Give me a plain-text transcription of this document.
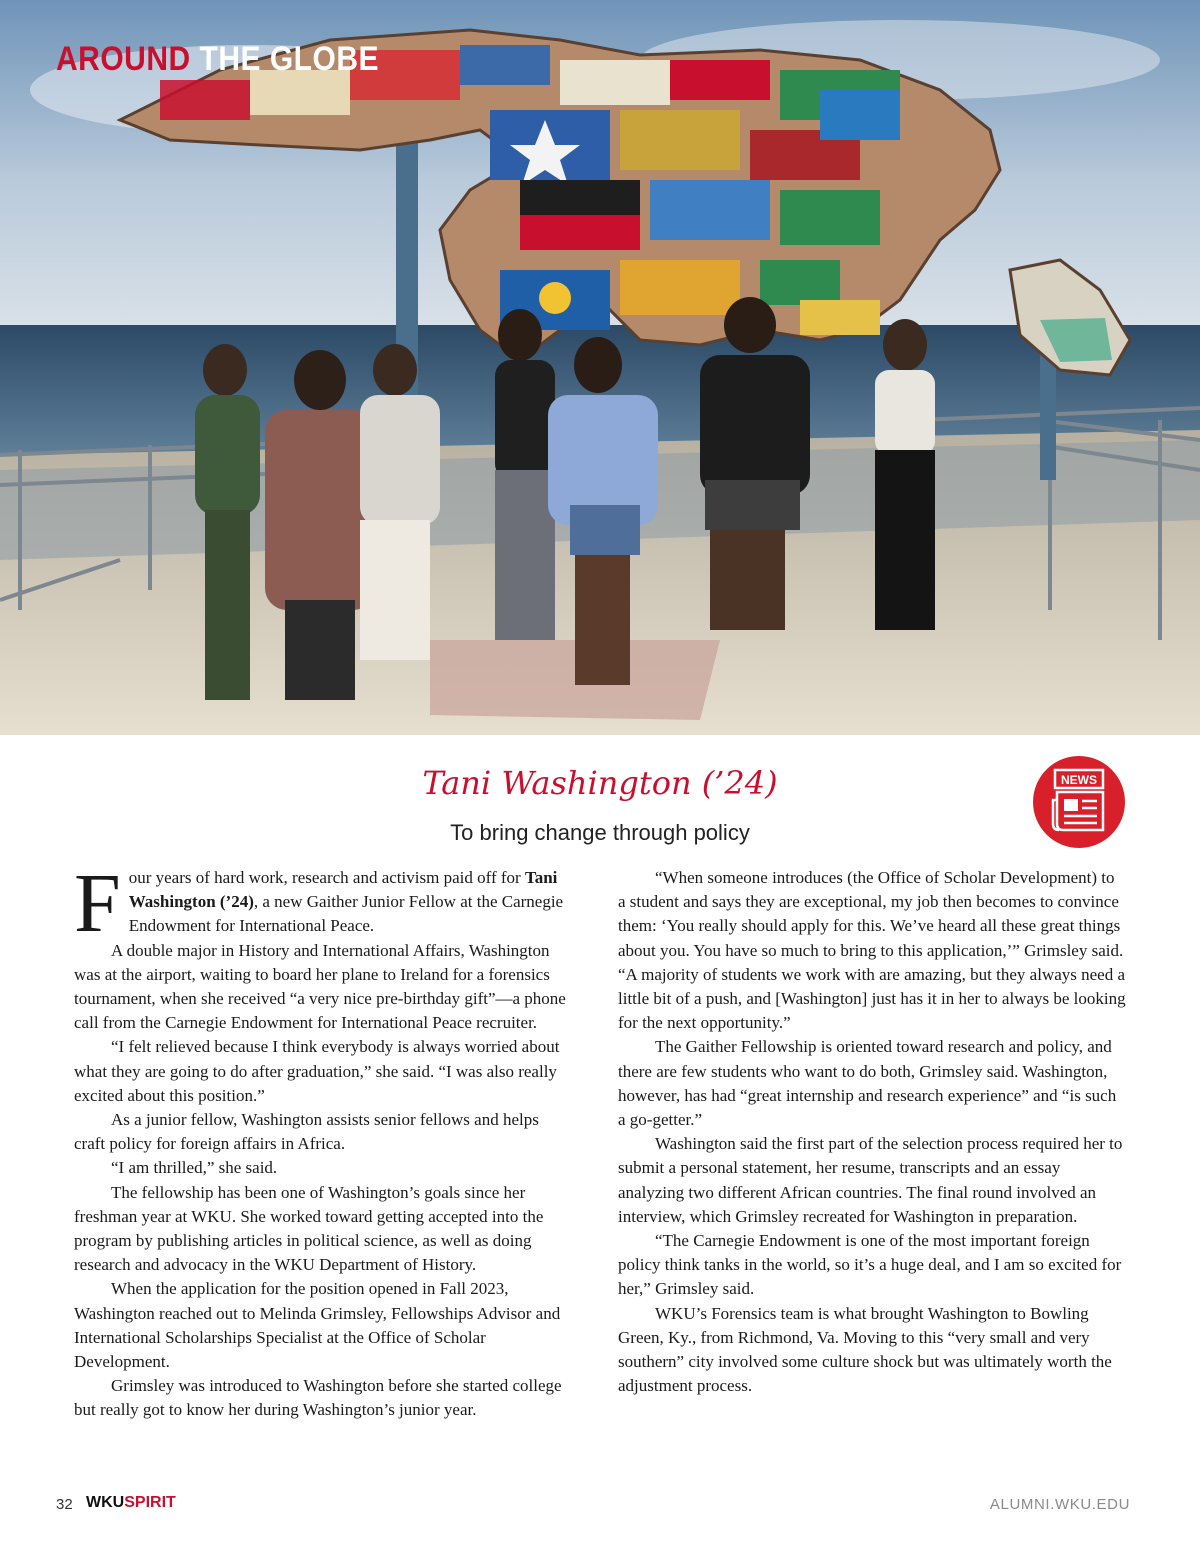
AROUND THE GLOBE
Tani Washington (’24)
To bring change through policy
NEWS

Four years of hard work, research and activism paid off for Tani Washington (’24), a new Gaither Junior Fellow at the Carnegie Endowment for International Peace.

A double major in History and International Affairs, Washington was at the airport, waiting to board her plane to Ireland for a forensics tournament, when she received “a very nice pre-birthday gift”—a phone call from the Carnegie Endowment for International Peace recruiter.

“I felt relieved because I think everybody is always worried about what they are going to do after graduation,” she said. “I was also really excited about this position.”

As a junior fellow, Washington assists senior fellows and helps craft policy for foreign affairs in Africa.

“I am thrilled,” she said.

The fellowship has been one of Washington’s goals since her freshman year at WKU. She worked toward getting accepted into the program by publishing articles in political science, as well as doing research and advocacy in the WKU Department of History.

When the application for the position opened in Fall 2023, Washington reached out to Melinda Grimsley, Fellowships Advisor and International Scholarships Specialist at the Office of Scholar Development.

Grimsley was introduced to Washington before she started college but really got to know her during Washington’s junior year.

“When someone introduces (the Office of Scholar Development) to a student and says they are exceptional, my job then becomes to convince them: ‘You really should apply for this. We’ve heard all these great things about you. You have so much to bring to this application,’” Grimsley said. “A majority of students we work with are amazing, but they always need a little bit of a push, and [Washington] just has it in her to always be looking for the next opportunity.”

The Gaither Fellowship is oriented toward research and policy, and there are few students who want to do both, Grimsley said. Washington, however, has had “great internship and research experience” and “is such a go-getter.”

Washington said the first part of the selection process required her to submit a personal statement, her resume, transcripts and an essay analyzing two different African countries. The final round involved an interview, which Grimsley recreated for Washington in preparation.

“The Carnegie Endowment is one of the most important foreign policy think tanks in the world, so it’s a huge deal, and I am so excited for her,” Grimsley said.

WKU’s Forensics team is what brought Washington to Bowling Green, Ky., from Richmond, Va. Moving to this “very small and very southern” city involved some culture shock but was ultimately worth the adjustment process.

32 WKUSPIRIT	ALUMNI.WKU.EDU
